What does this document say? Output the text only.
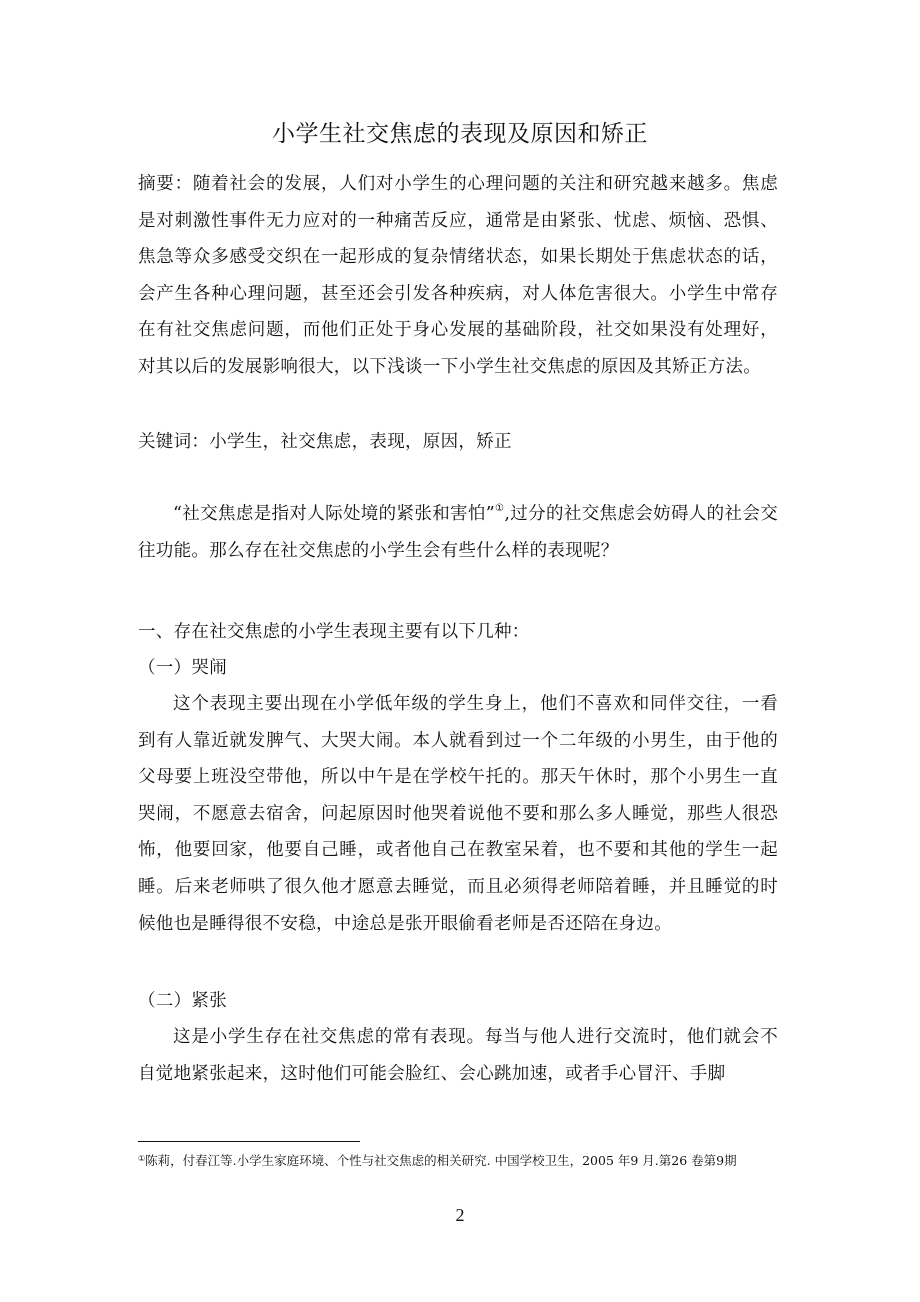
小学生社交焦虑的表现及原因和矫正
摘要：随着社会的发展，人们对小学生的心理问题的关注和研究越来越多。焦虑是对刺激性事件无力应对的一种痛苦反应，通常是由紧张、忧虑、烦恼、恐惧、焦急等众多感受交织在一起形成的复杂情绪状态，如果长期处于焦虑状态的话，会产生各种心理问题，甚至还会引发各种疾病，对人体危害很大。小学生中常存在有社交焦虑问题，而他们正处于身心发展的基础阶段，社交如果没有处理好，对其以后的发展影响很大，以下浅谈一下小学生社交焦虑的原因及其矫正方法。
关键词：小学生，社交焦虑，表现，原因，矫正
“社交焦虑是指对人际处境的紧张和害怕”①,过分的社交焦虑会妨碍人的社会交往功能。那么存在社交焦虑的小学生会有些什么样的表现呢？
一、存在社交焦虑的小学生表现主要有以下几种：
（一）哭闹
这个表现主要出现在小学低年级的学生身上，他们不喜欢和同伴交往，一看到有人靠近就发脾气、大哭大闹。本人就看到过一个二年级的小男生，由于他的父母要上班没空带他，所以中午是在学校午托的。那天午休时，那个小男生一直哭闹，不愿意去宿舍，问起原因时他哭着说他不要和那么多人睡觉，那些人很恐怖，他要回家，他要自己睡，或者他自己在教室呆着，也不要和其他的学生一起睡。后来老师哄了很久他才愿意去睡觉，而且必须得老师陪着睡，并且睡觉的时候他也是睡得很不安稳，中途总是张开眼偷看老师是否还陪在身边。
（二）紧张
这是小学生存在社交焦虑的常有表现。每当与他人进行交流时，他们就会不自觉地紧张起来，这时他们可能会脸红、会心跳加速，或者手心冒汗、手脚
①陈莉，付春江等.小学生家庭环境、个性与社交焦虑的相关研究. 中国学校卫生，2005 年9 月.第26 卷第9期
2
